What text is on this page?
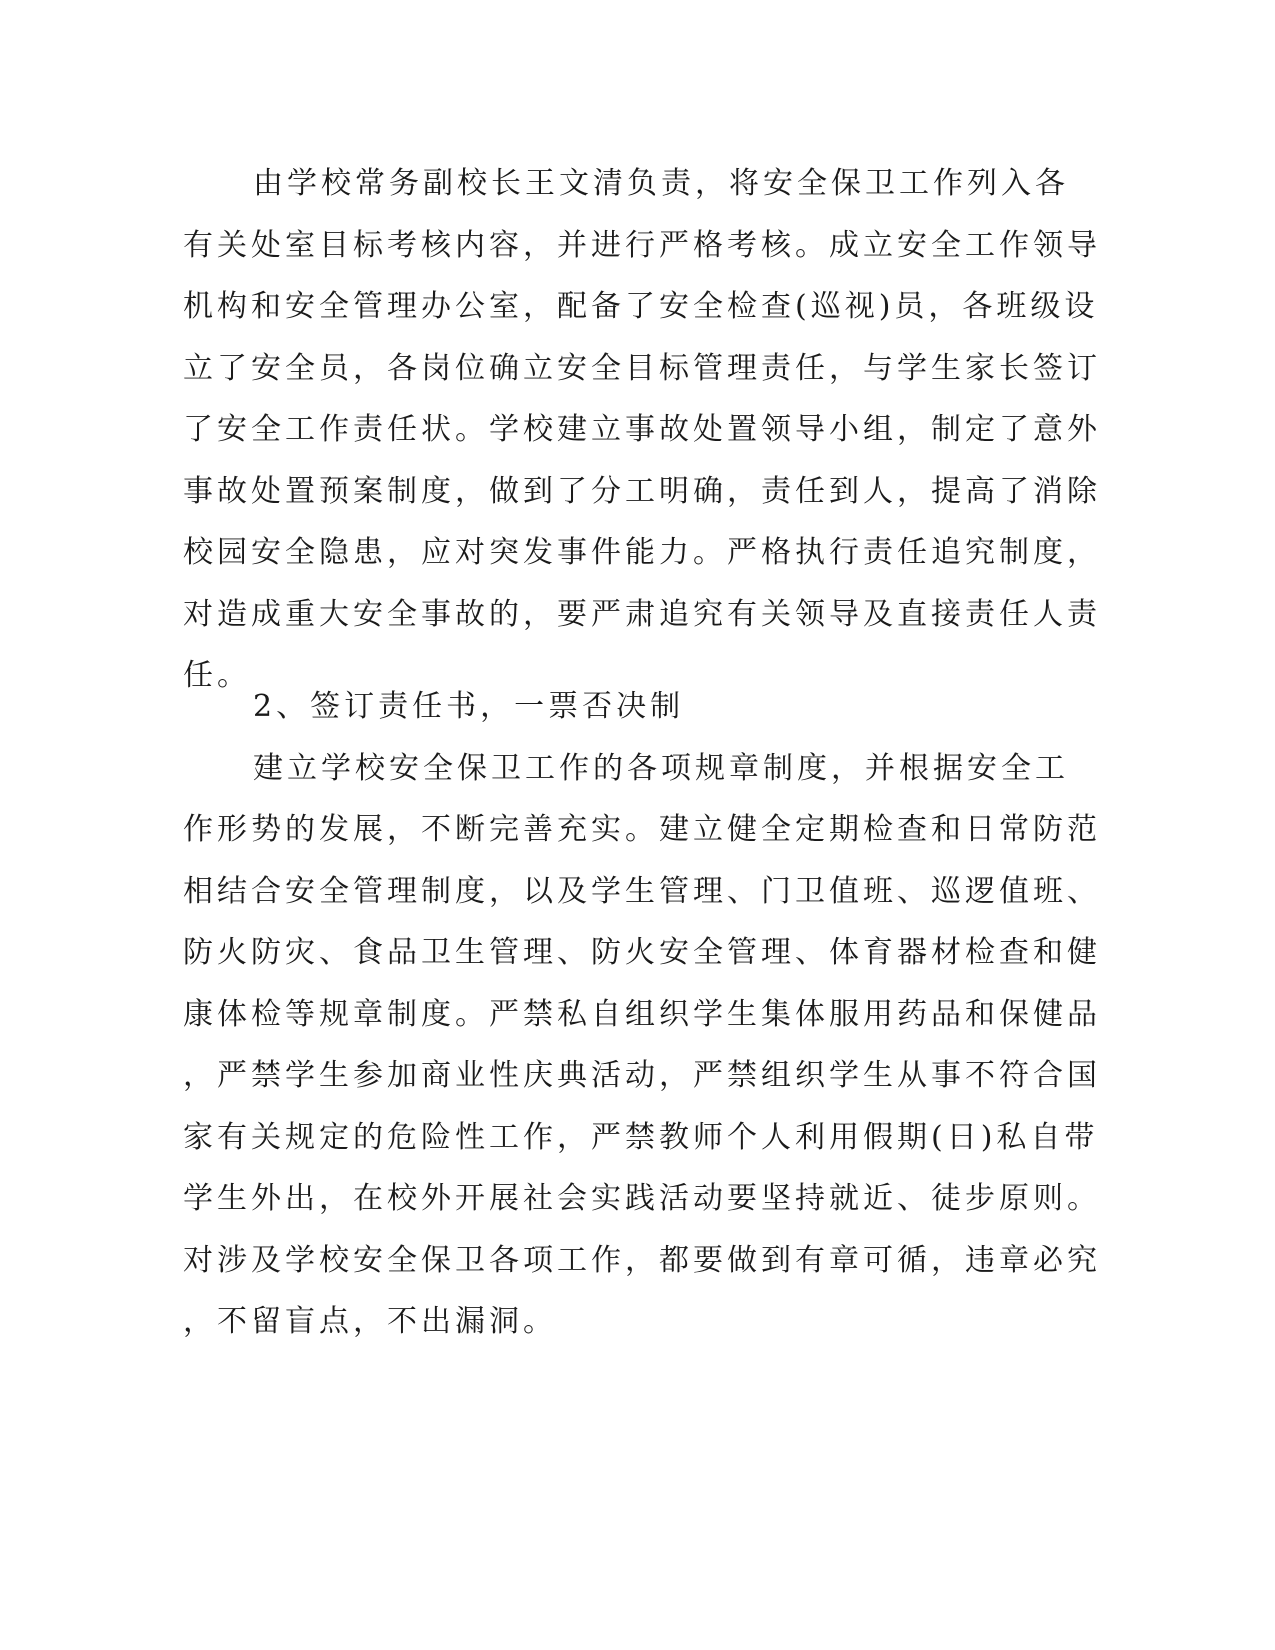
由学校常务副校长王文清负责，将安全保卫工作列入各
有关处室目标考核内容，并进行严格考核。成立安全工作领导
机构和安全管理办公室，配备了安全检查(巡视)员，各班级设
立了安全员，各岗位确立安全目标管理责任，与学生家长签订
了安全工作责任状。学校建立事故处置领导小组，制定了意外
事故处置预案制度，做到了分工明确，责任到人，提高了消除
校园安全隐患，应对突发事件能力。严格执行责任追究制度，
对造成重大安全事故的，要严肃追究有关领导及直接责任人责
任。
2、签订责任书，一票否决制
建立学校安全保卫工作的各项规章制度，并根据安全工
作形势的发展，不断完善充实。建立健全定期检查和日常防范
相结合安全管理制度，以及学生管理、门卫值班、巡逻值班、
防火防灾、食品卫生管理、防火安全管理、体育器材检查和健
康体检等规章制度。严禁私自组织学生集体服用药品和保健品
，严禁学生参加商业性庆典活动，严禁组织学生从事不符合国
家有关规定的危险性工作，严禁教师个人利用假期(日)私自带
学生外出，在校外开展社会实践活动要坚持就近、徒步原则。
对涉及学校安全保卫各项工作，都要做到有章可循，违章必究
，不留盲点，不出漏洞。
